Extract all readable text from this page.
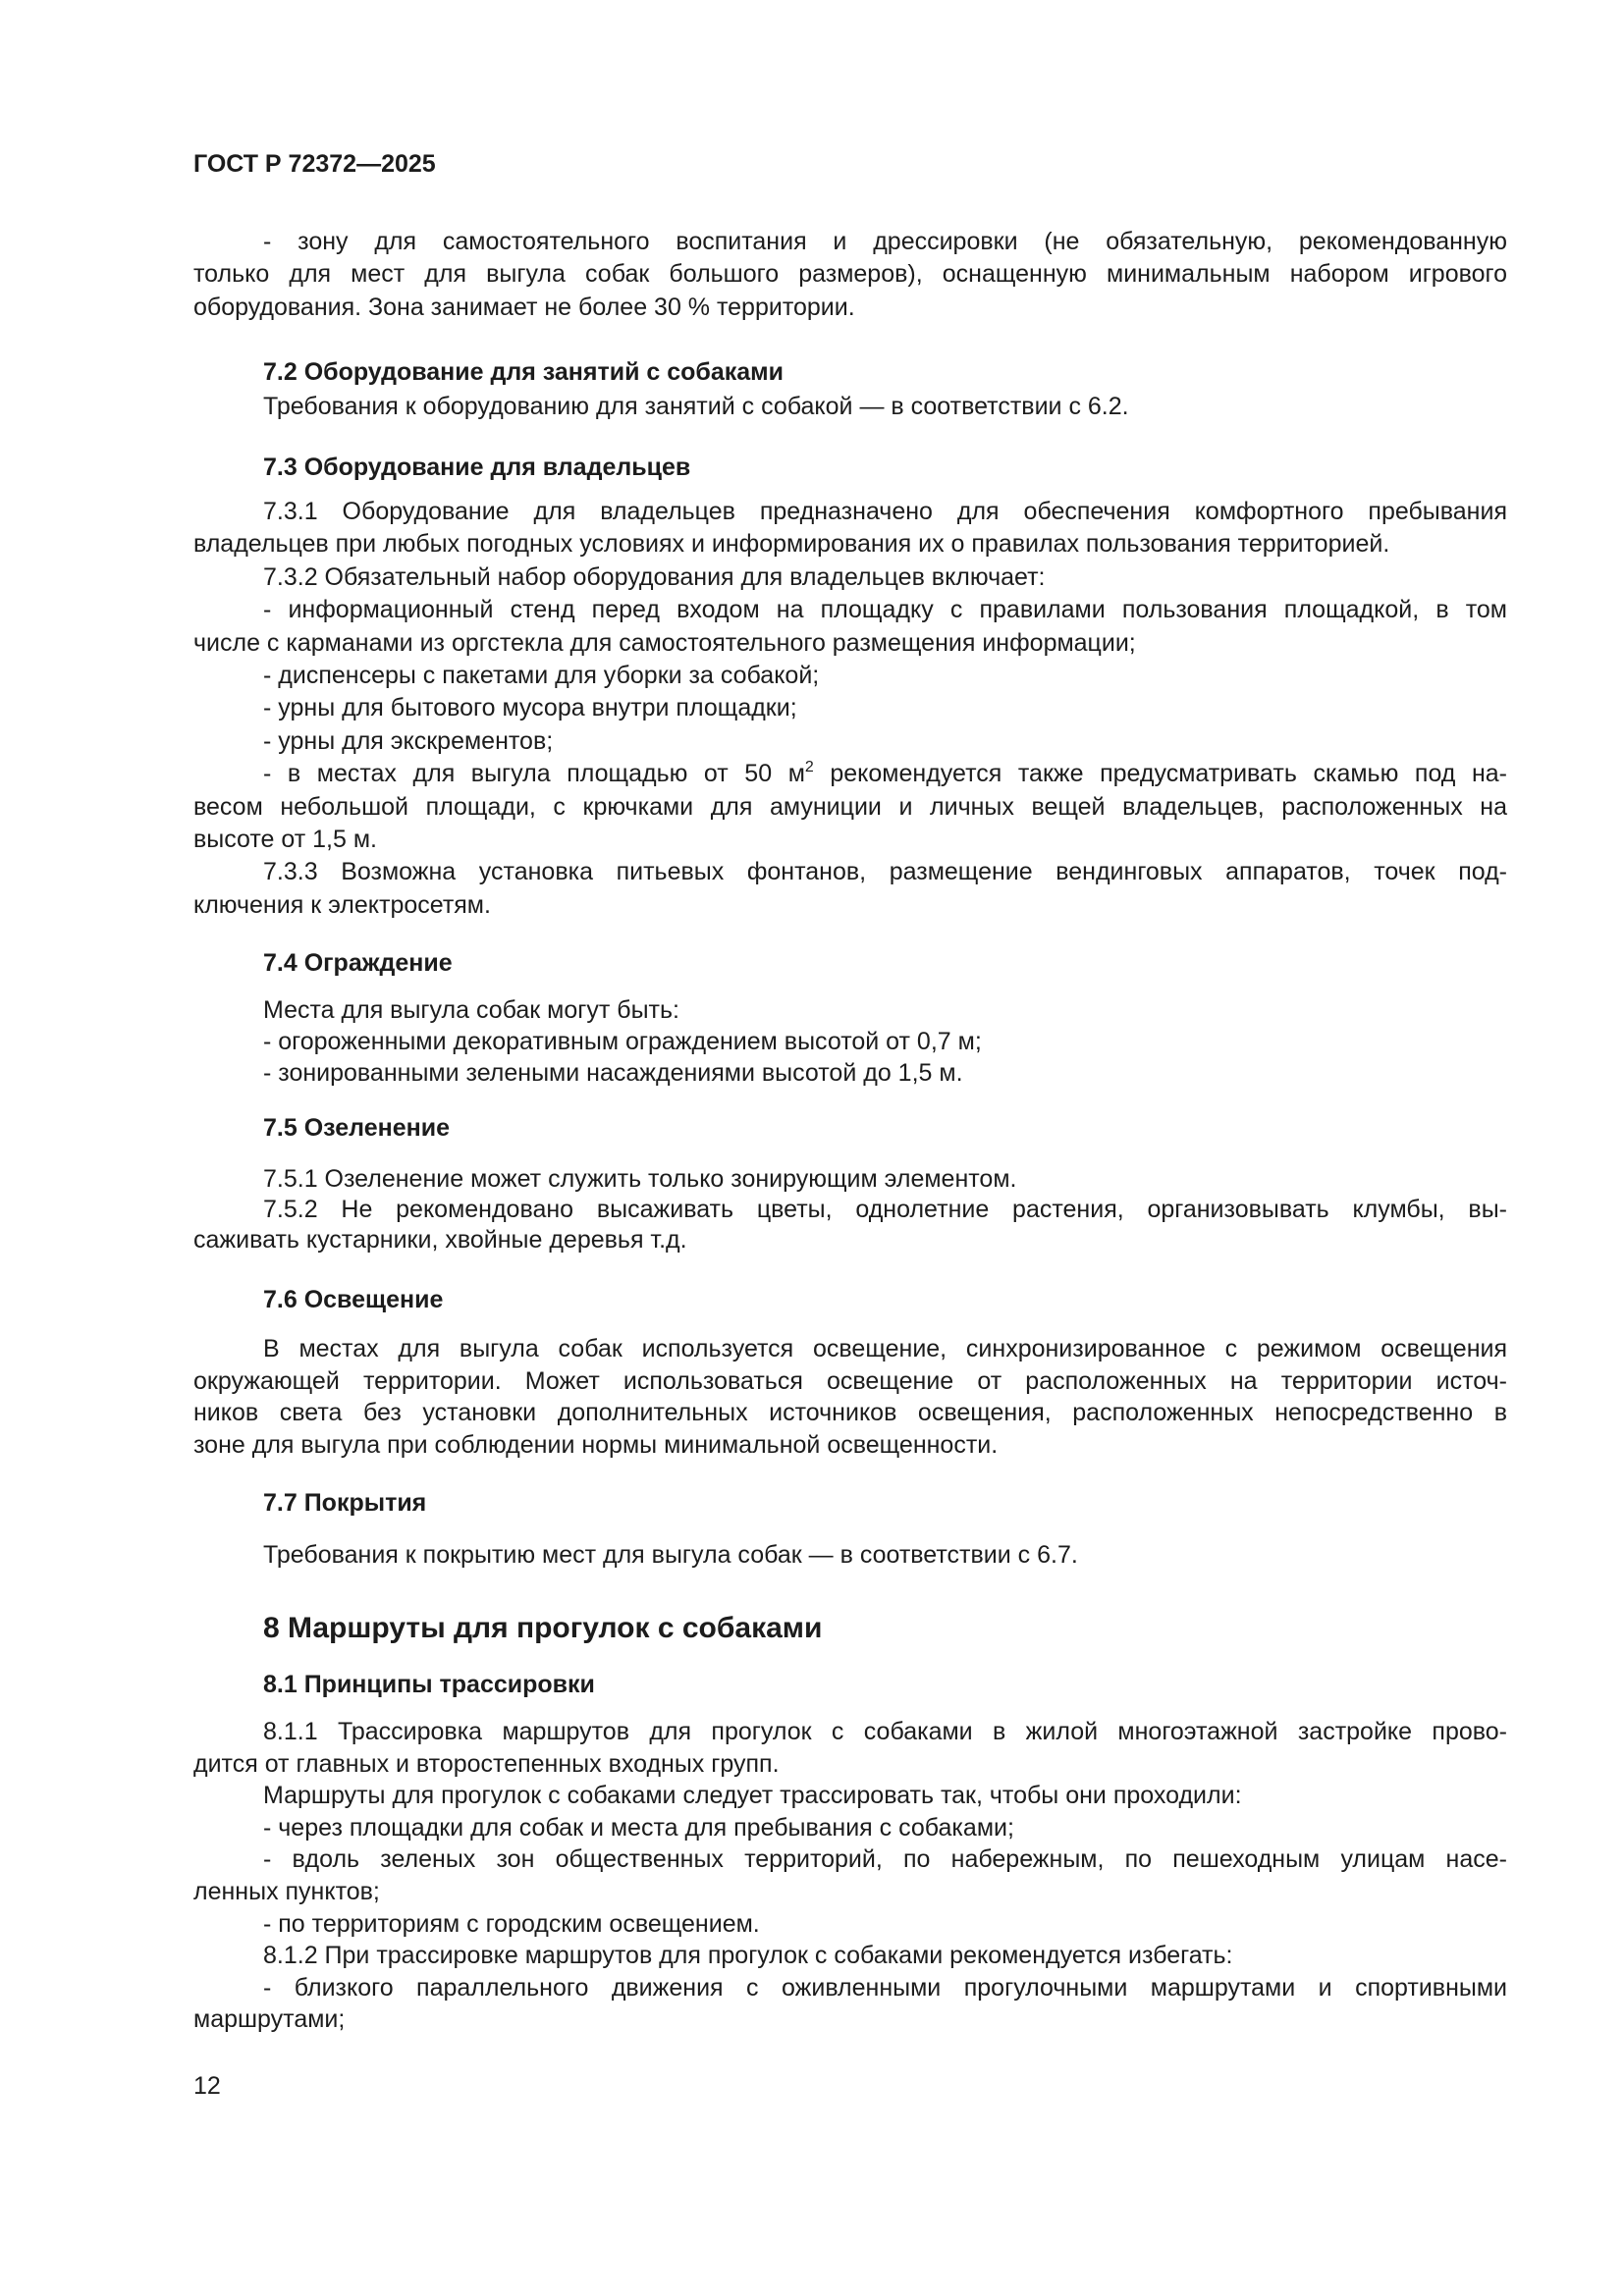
ГОСТ Р 72372—2025
- зону для самостоятельного воспитания и дрессировки (не обязательную, рекомендованную
только для мест для выгула собак большого размеров), оснащенную минимальным набором игрового
оборудования. Зона занимает не более 30 % территории.
7.2 Оборудование для занятий с собаками
Требования к оборудованию для занятий с собакой — в соответствии с 6.2.
7.3 Оборудование для владельцев
7.3.1 Оборудование для владельцев предназначено для обеспечения комфортного пребывания
владельцев при любых погодных условиях и информирования их о правилах пользования территорией.
7.3.2 Обязательный набор оборудования для владельцев включает:
- информационный стенд перед входом на площадку с правилами пользования площадкой, в том
числе с карманами из оргстекла для самостоятельного размещения информации;
- диспенсеры с пакетами для уборки за собакой;
- урны для бытового мусора внутри площадки;
- урны для экскрементов;
- в местах для выгула площадью от 50 $м^2$ рекомендуется также предусматривать скамью под на-
весом небольшой площади, с крючками для амуниции и личных вещей владельцев, расположенных на
высоте от 1,5 м.
7.3.3 Возможна установка питьевых фонтанов, размещение вендинговых аппаратов, точек под-
ключения к электросетям.
7.4 Ограждение
Места для выгула собак могут быть:
- огороженными декоративным ограждением высотой от 0,7 м;
- зонированными зелеными насаждениями высотой до 1,5 м.
7.5 Озеленение
7.5.1 Озеленение может служить только зонирующим элементом.
7.5.2 Не рекомендовано высаживать цветы, однолетние растения, организовывать клумбы, вы-
саживать кустарники, хвойные деревья т.д.
7.6 Освещение
В местах для выгула собак используется освещение, синхронизированное с режимом освещения
окружающей территории. Может использоваться освещение от расположенных на территории источ-
ников света без установки дополнительных источников освещения, расположенных непосредственно в
зоне для выгула при соблюдении нормы минимальной освещенности.
7.7 Покрытия
Требования к покрытию мест для выгула собак — в соответствии с 6.7.
8 Маршруты для прогулок с собаками
8.1 Принципы трассировки
8.1.1 Трассировка маршрутов для прогулок с собаками в жилой многоэтажной застройке прово-
дится от главных и второстепенных входных групп.
Маршруты для прогулок с собаками следует трассировать так, чтобы они проходили:
- через площадки для собак и места для пребывания с собаками;
- вдоль зеленых зон общественных территорий, по набережным, по пешеходным улицам насе-
ленных пунктов;
- по территориям с городским освещением.
8.1.2 При трассировке маршрутов для прогулок с собаками рекомендуется избегать:
- близкого параллельного движения с оживленными прогулочными маршрутами и спортивными
маршрутами;
12
